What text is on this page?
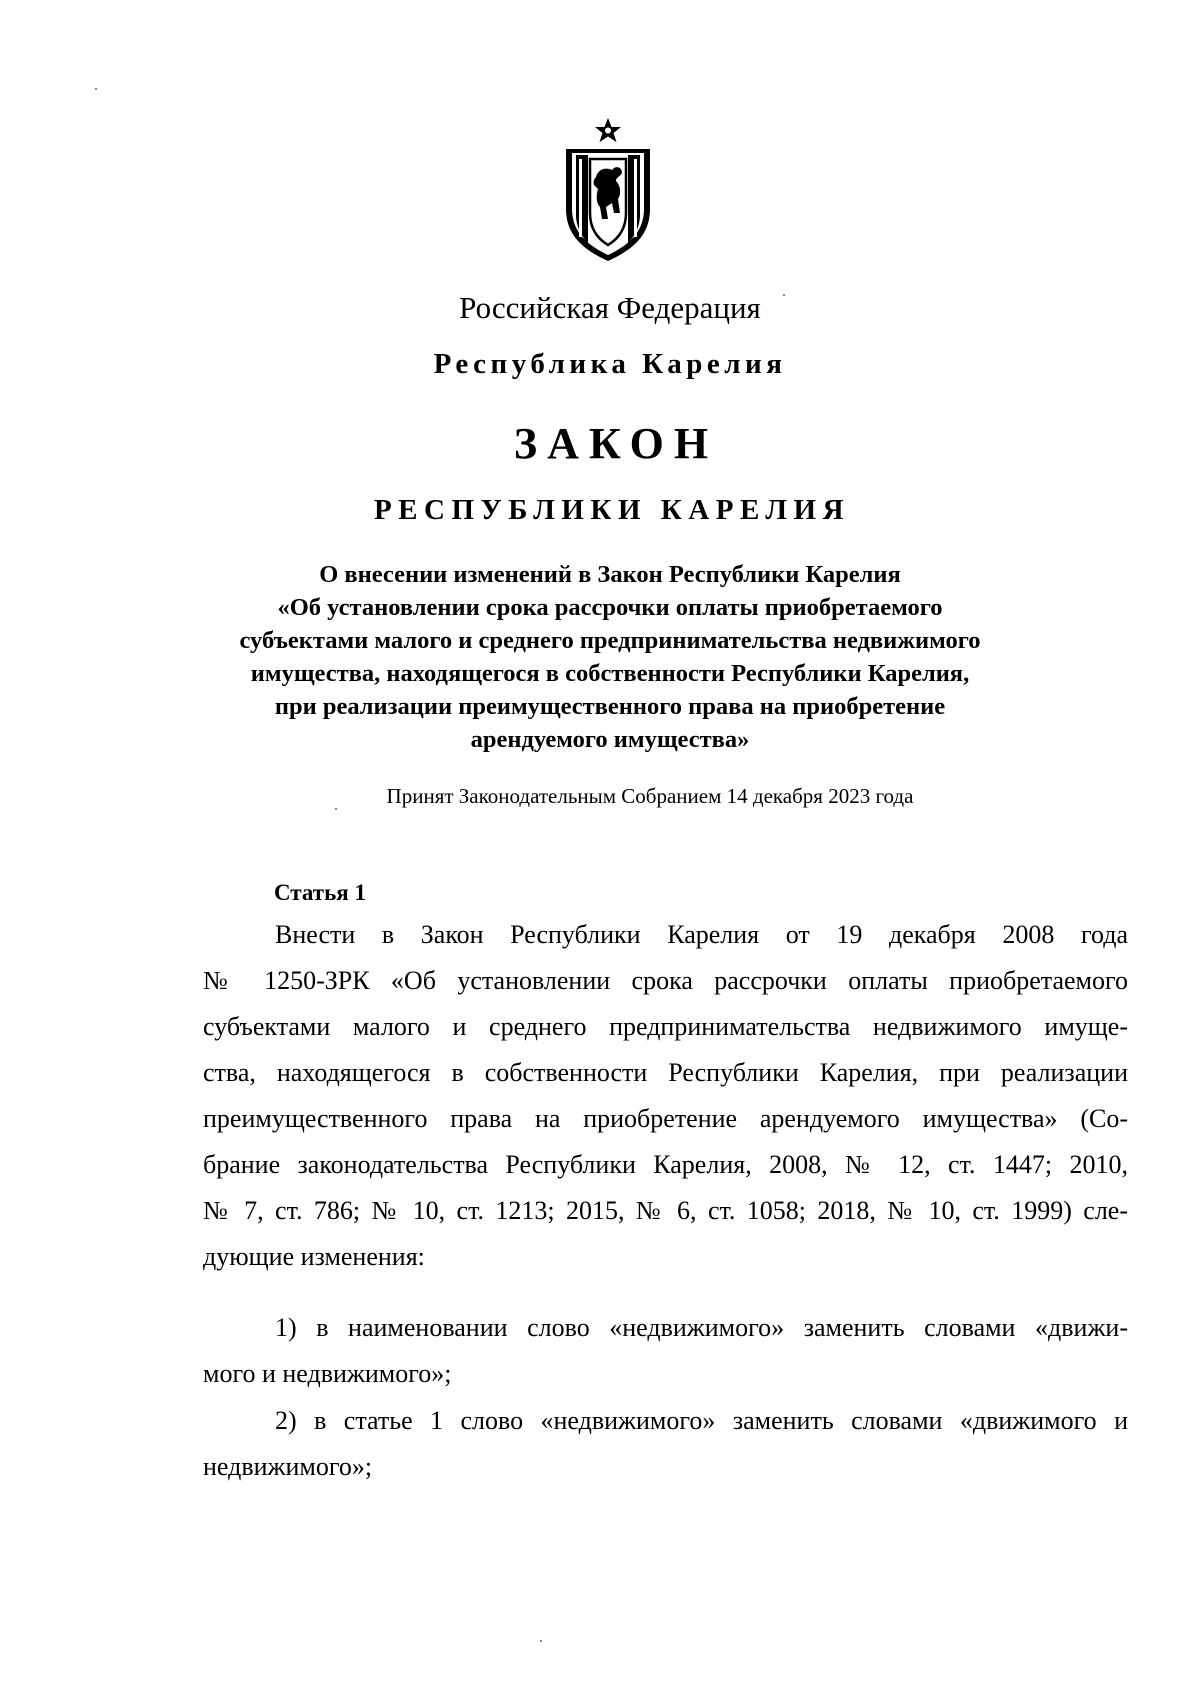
Российская Федерация
Республика Карелия
ЗАКОН
РЕСПУБЛИКИ КАРЕЛИЯ
О внесении изменений в Закон Республики Карелия
«Об установлении срока рассрочки оплаты приобретаемого
субъектами малого и среднего предпринимательства недвижимого
имущества, находящегося в собственности Республики Карелия,
при реализации преимущественного права на приобретение
арендуемого имущества»
Принят Законодательным Собранием 14 декабря 2023 года
Статья 1
Внести в Закон Республики Карелия от 19 декабря 2008 года
№ 1250-ЗРК «Об установлении срока рассрочки оплаты приобретаемого
субъектами малого и среднего предпринимательства недвижимого имуще-
ства, находящегося в собственности Республики Карелия, при реализации
преимущественного права на приобретение арендуемого имущества» (Со-
брание законодательства Республики Карелия, 2008, № 12, ст. 1447; 2010,
№ 7, ст. 786; № 10, ст. 1213; 2015, № 6, ст. 1058; 2018, № 10, ст. 1999) сле-
дующие изменения:
1) в наименовании слово «недвижимого» заменить словами «движи-
мого и недвижимого»;
2) в статье 1 слово «недвижимого» заменить словами «движимого и
недвижимого»;
